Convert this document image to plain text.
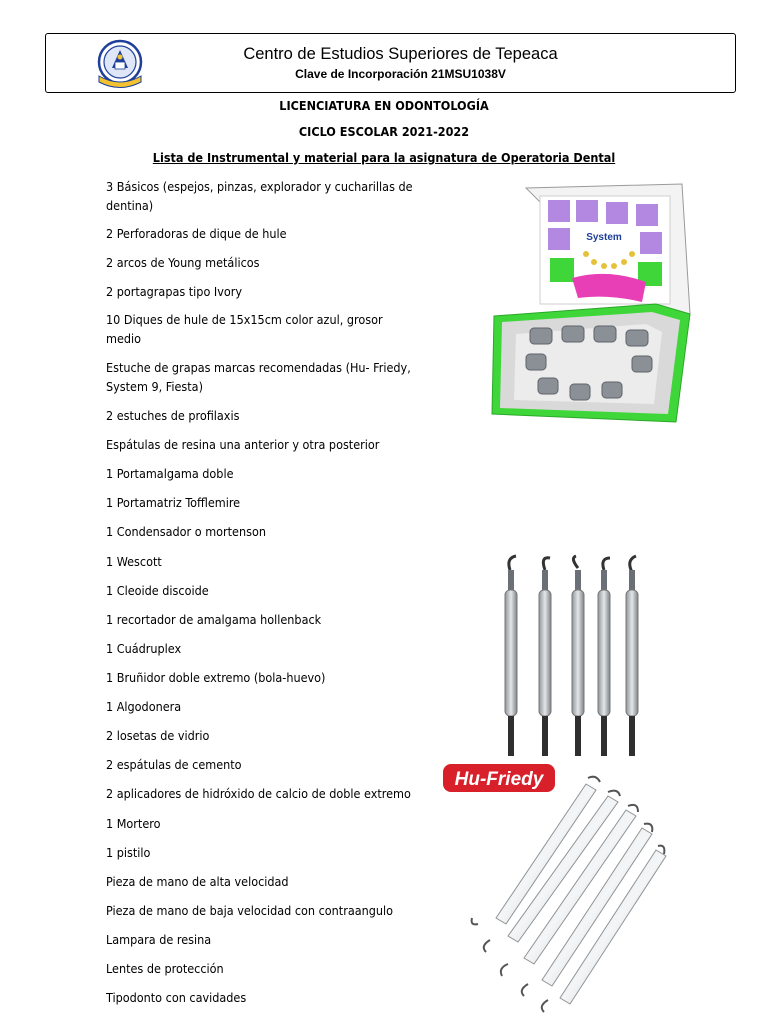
Centro de Estudios Superiores de Tepeaca
Clave de Incorporación 21MSU1038V
LICENCIATURA EN ODONTOLOGÍA
CICLO ESCOLAR 2021-2022
Lista de Instrumental y material para la asignatura de Operatoria Dental
3 Básicos (espejos, pinzas, explorador y cucharillas de dentina)
2 Perforadoras de dique de hule
2 arcos de Young metálicos
2 portagrapas tipo Ivory
10 Diques de hule de 15x15cm color azul, grosor medio
Estuche de grapas marcas recomendadas (Hu- Friedy, System 9, Fiesta)
2 estuches de profilaxis
Espátulas de resina una anterior y otra posterior
1 Portamalgama doble
1 Portamatriz Tofflemire
1 Condensador o mortenson
1 Wescott
1 Cleoide discoide
1 recortador de amalgama hollenback
1 Cuádruplex
1 Bruñidor doble extremo (bola-huevo)
1 Algodonera
2 losetas de vidrio
2 espátulas de cemento
2 aplicadores de hidróxido de calcio de doble extremo
1 Mortero
1 pistilo
Pieza de mano de alta velocidad
Pieza de mano de baja velocidad con contraangulo
Lampara de resina
Lentes de protección
Tipodonto con cavidades
System
Hu-Friedy
